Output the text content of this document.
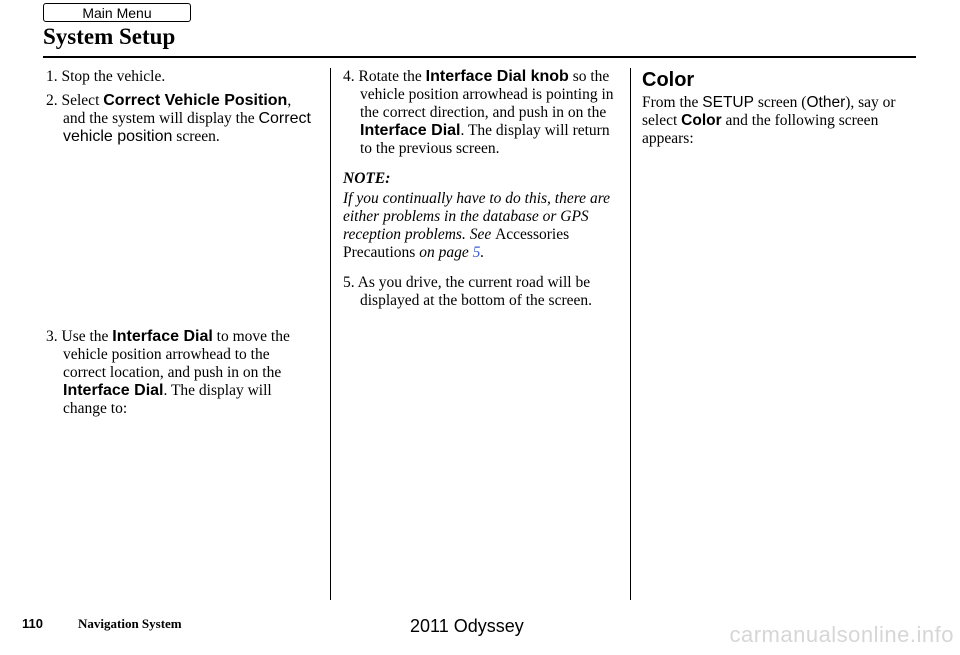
Main Menu
System Setup

1. Stop the vehicle.

2. Select Correct Vehicle Position, and the system will display the Correct vehicle position screen.

3. Use the Interface Dial to move the vehicle position arrowhead to the correct location, and push in on the Interface Dial. The display will change to:

4. Rotate the Interface Dial knob so the vehicle position arrowhead is pointing in the correct direction, and push in on the Interface Dial. The display will return to the previous screen.

NOTE:

If you continually have to do this, there are either problems in the database or GPS reception problems. See Accessories Precautions on page 5.

5. As you drive, the current road will be displayed at the bottom of the screen.

Color

From the SETUP screen (Other), say or select Color and the following screen appears:

110	Navigation System	2011 Odyssey	carmanualsonline.info
